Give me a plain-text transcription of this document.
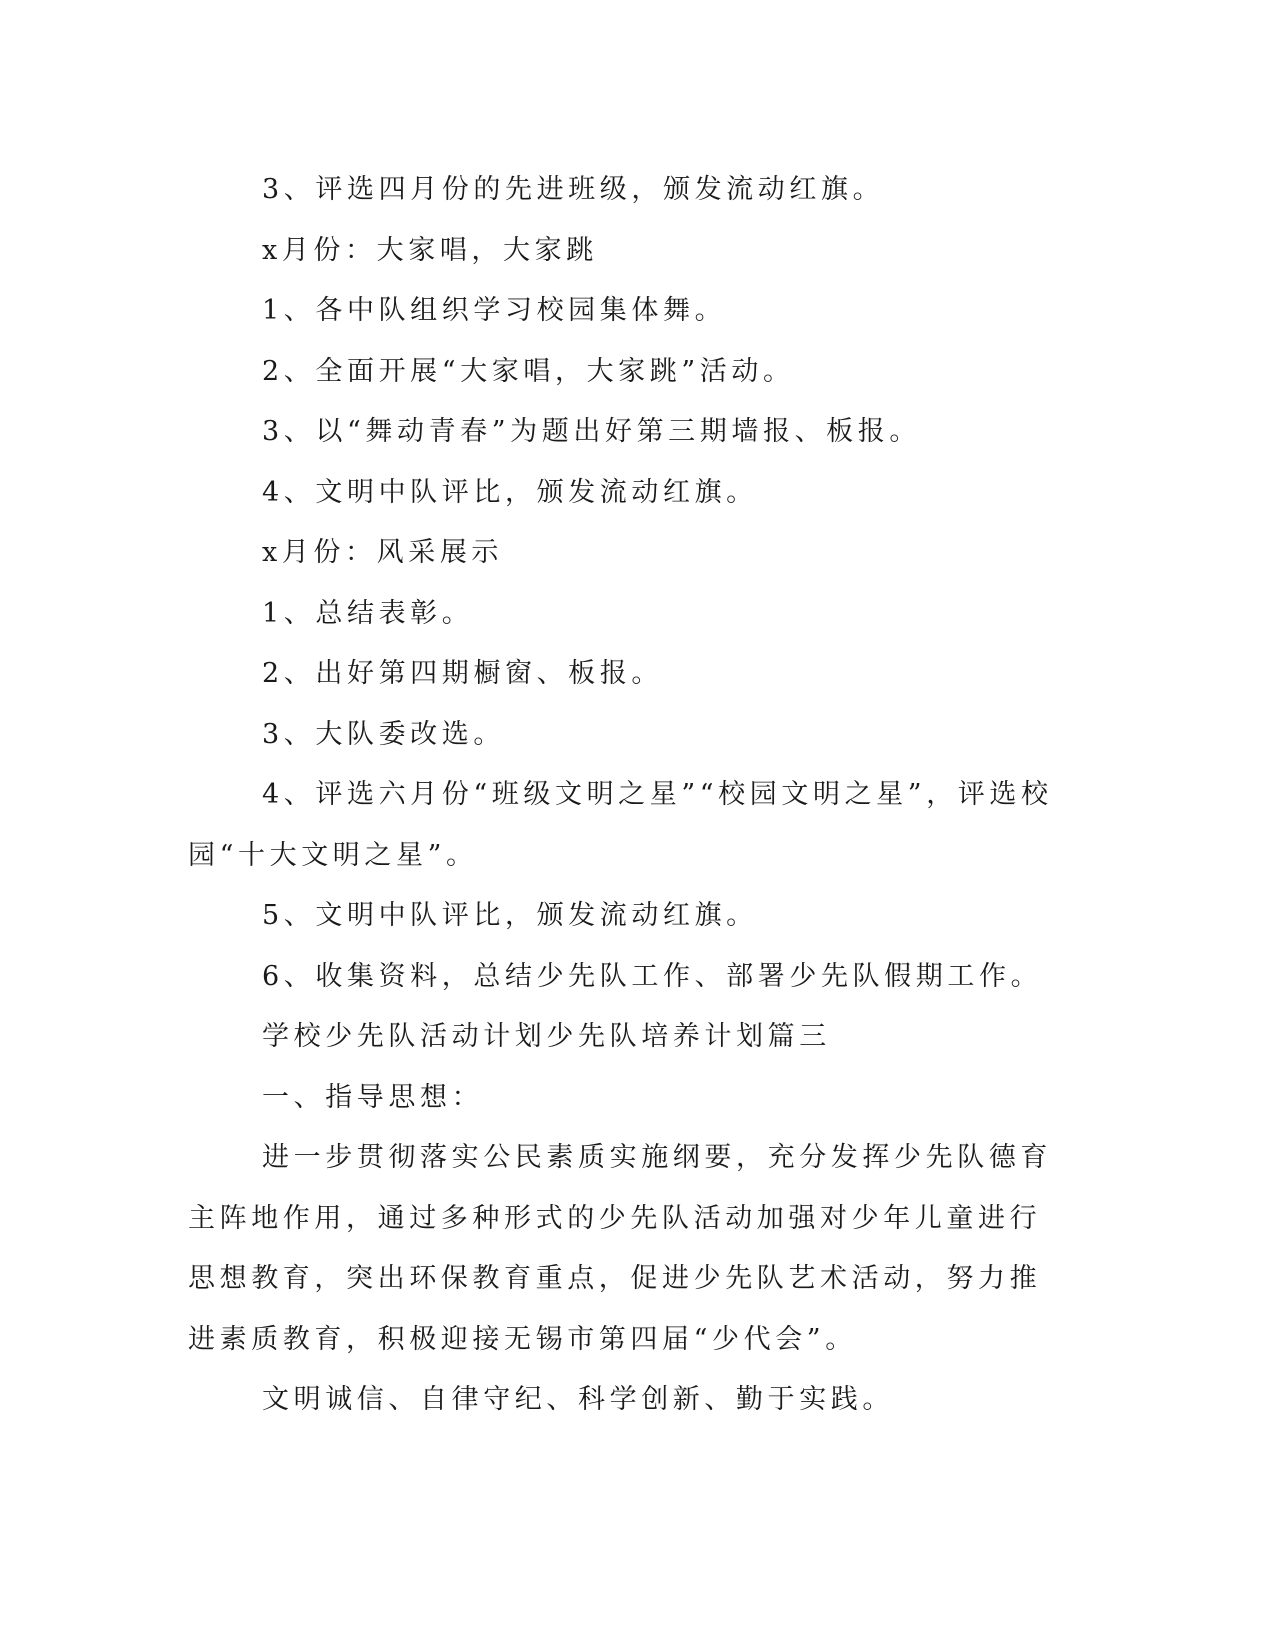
3、评选四月份的先进班级，颁发流动红旗。

x月份：大家唱，大家跳

1、各中队组织学习校园集体舞。

2、全面开展“大家唱，大家跳”活动。

3、以“舞动青春”为题出好第三期墙报、板报。

4、文明中队评比，颁发流动红旗。

x月份：风采展示

1、总结表彰。

2、出好第四期橱窗、板报。

3、大队委改选。

4、评选六月份“班级文明之星”“校园文明之星”，评选校园“十大文明之星”。

5、文明中队评比，颁发流动红旗。

6、收集资料，总结少先队工作、部署少先队假期工作。

学校少先队活动计划少先队培养计划篇三

一、指导思想：

进一步贯彻落实公民素质实施纲要，充分发挥少先队德育主阵地作用，通过多种形式的少先队活动加强对少年儿童进行思想教育，突出环保教育重点，促进少先队艺术活动，努力推进素质教育，积极迎接无锡市第四届“少代会”。

文明诚信、自律守纪、科学创新、勤于实践。
